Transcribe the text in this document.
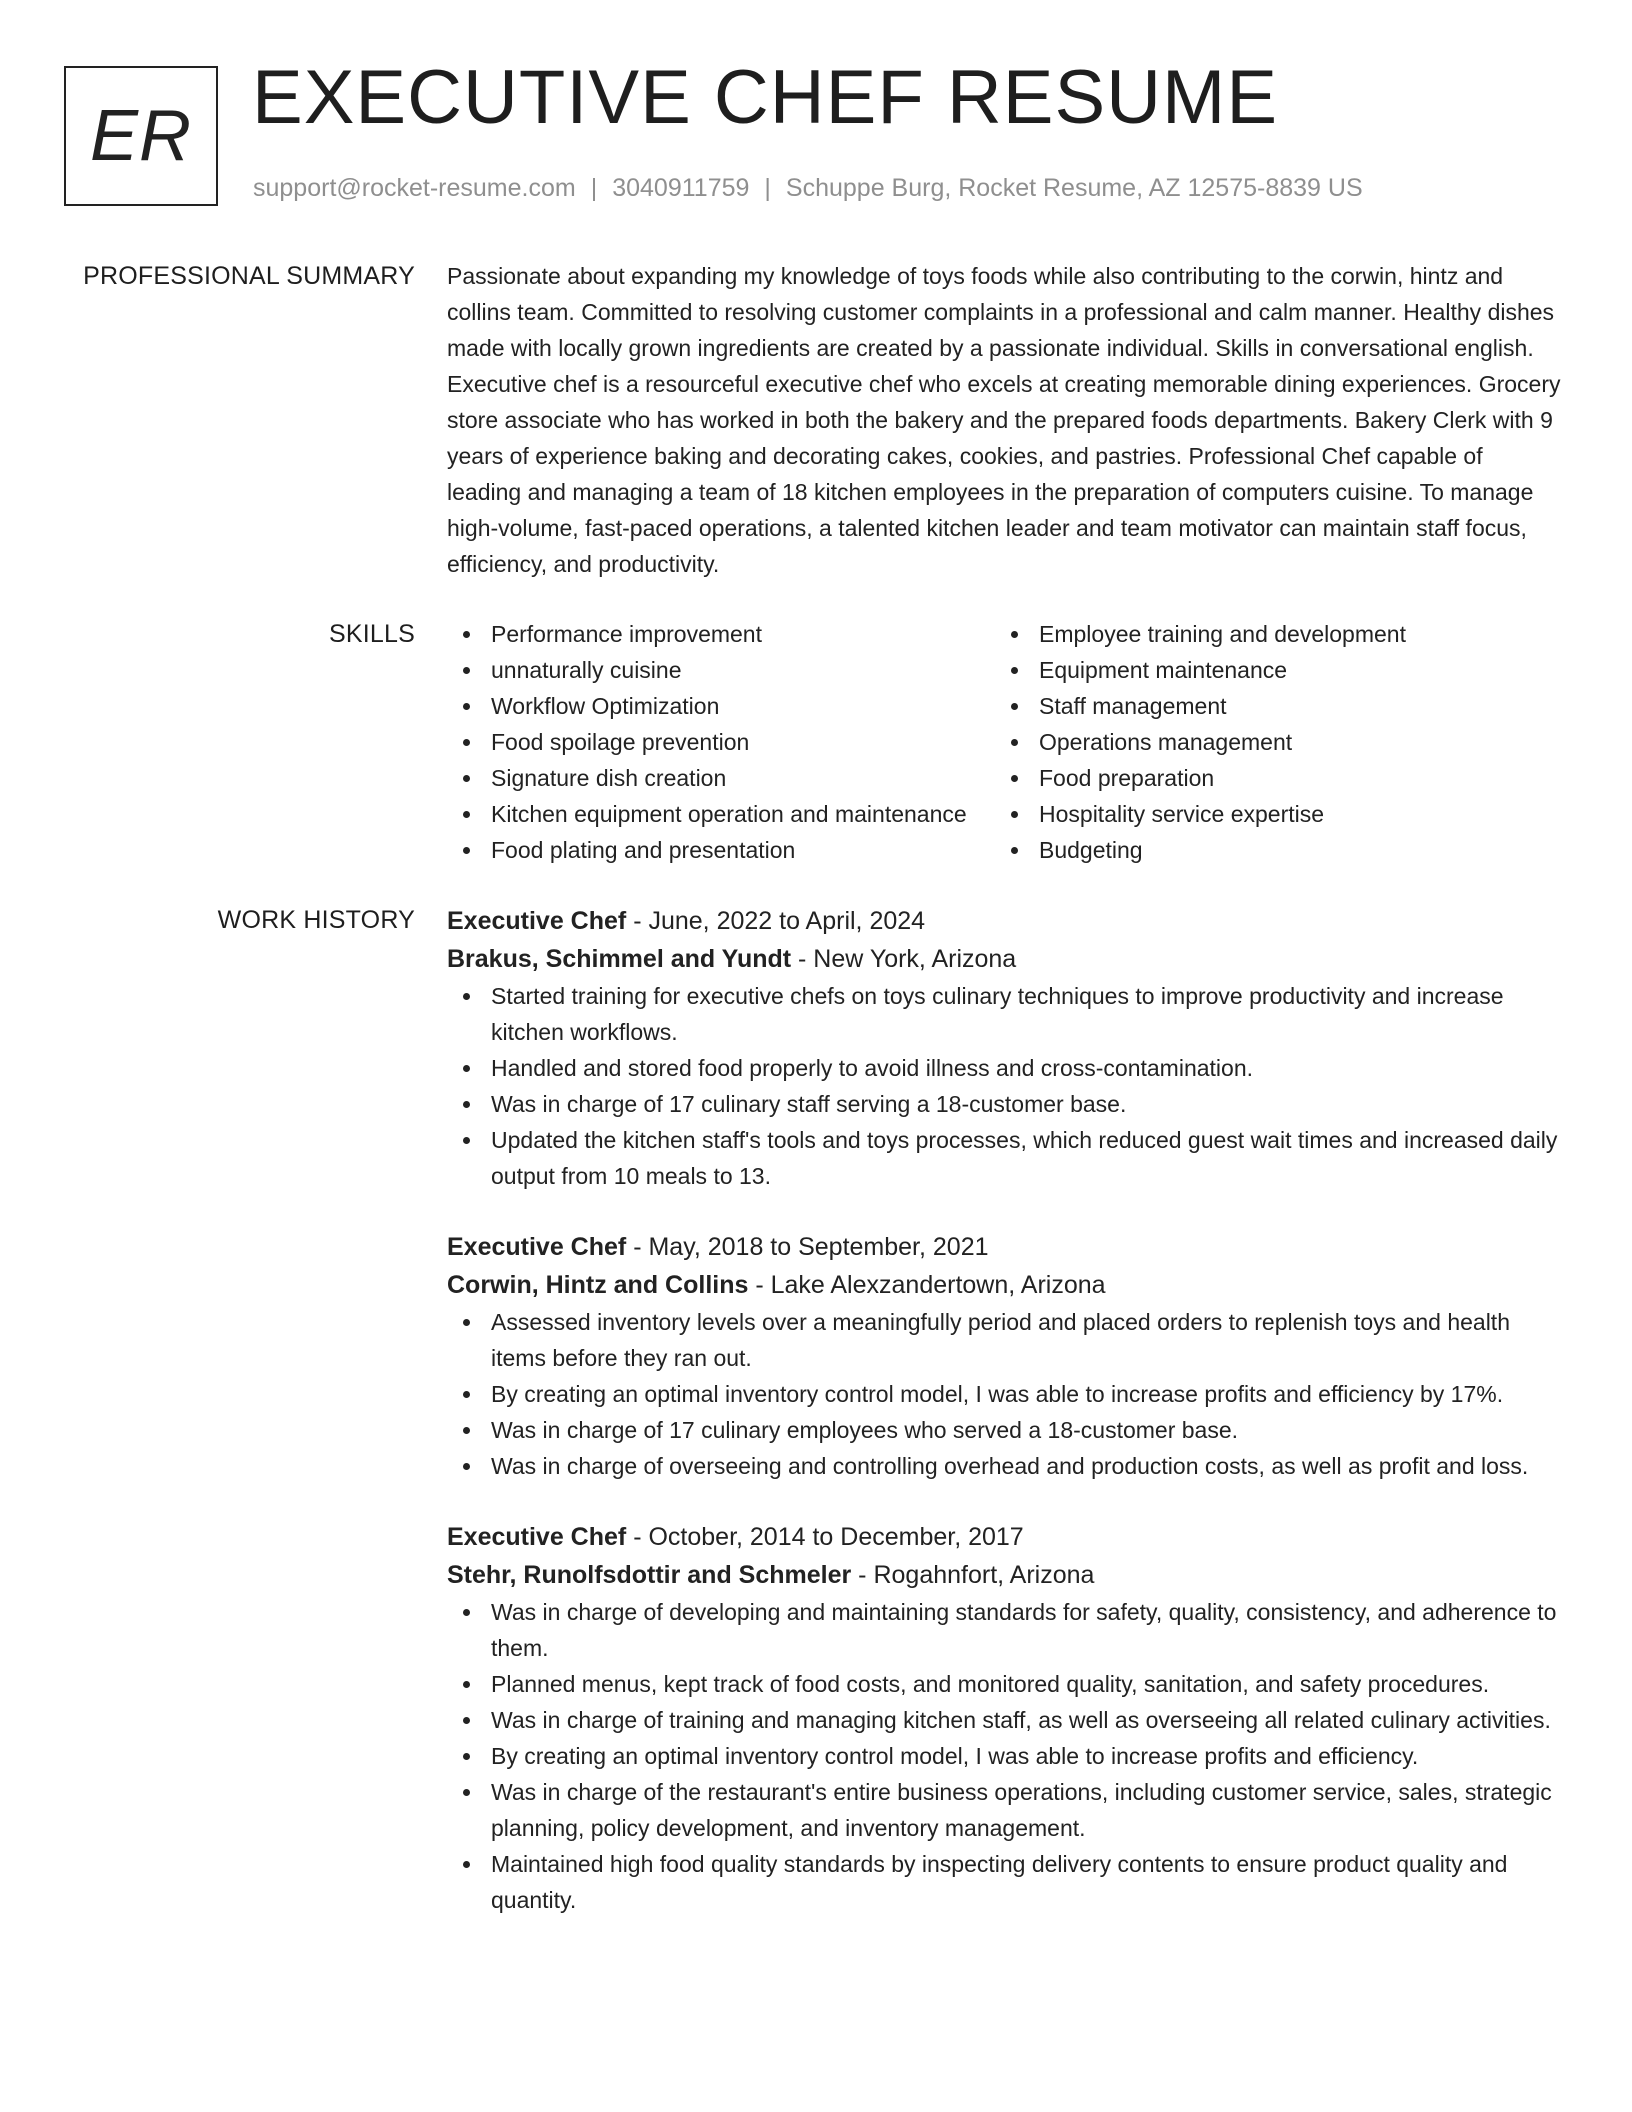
ER EXECUTIVE CHEF RESUME
support@rocket-resume.com | 3040911759 | Schuppe Burg, Rocket Resume, AZ 12575-8839 US
PROFESSIONAL SUMMARY Passionate about expanding my knowledge of toys foods while also contributing to the corwin, hintz and collins team. Committed to resolving customer complaints in a professional and calm manner. Healthy dishes made with locally grown ingredients are created by a passionate individual. Skills in conversational english. Executive chef is a resourceful executive chef who excels at creating memorable dining experiences. Grocery store associate who has worked in both the bakery and the prepared foods departments. Bakery Clerk with 9 years of experience baking and decorating cakes, cookies, and pastries. Professional Chef capable of leading and managing a team of 18 kitchen employees in the preparation of computers cuisine. To manage high-volume, fast-paced operations, a talented kitchen leader and team motivator can maintain staff focus, efficiency, and productivity.

SKILLS	Performance improvement
unnaturally cuisine
Workflow Optimization
Food spoilage prevention
Signature dish creation
Kitchen equipment operation and maintenance
Food plating and presentation
Employee training and development
Equipment maintenance
Staff management
Operations management
Food preparation
Hospitality service expertise
Budgeting
WORK HISTORY Executive Chef - June, 2022 to April, 2024
Brakus, Schimmel and Yundt - New York, Arizona
Started training for executive chefs on toys culinary techniques to improve productivity and increase kitchen workflows.
Handled and stored food properly to avoid illness and cross-contamination.
Was in charge of 17 culinary staff serving a 18-customer base.
Updated the kitchen staff's tools and toys processes, which reduced guest wait times and increased daily output from 10 meals to 13.
Executive Chef - May, 2018 to September, 2021
Corwin, Hintz and Collins - Lake Alexzandertown, Arizona
Assessed inventory levels over a meaningfully period and placed orders to replenish toys and health items before they ran out.
By creating an optimal inventory control model, I was able to increase profits and efficiency by 17%.
Was in charge of 17 culinary employees who served a 18-customer base.
Was in charge of overseeing and controlling overhead and production costs, as well as profit and loss.
Executive Chef - October, 2014 to December, 2017
Stehr, Runolfsdottir and Schmeler - Rogahnfort, Arizona
Was in charge of developing and maintaining standards for safety, quality, consistency, and adherence to them.
Planned menus, kept track of food costs, and monitored quality, sanitation, and safety procedures.
Was in charge of training and managing kitchen staff, as well as overseeing all related culinary activities.
By creating an optimal inventory control model, I was able to increase profits and efficiency.
Was in charge of the restaurant's entire business operations, including customer service, sales, strategic planning, policy development, and inventory management.
Maintained high food quality standards by inspecting delivery contents to ensure product quality and quantity.
